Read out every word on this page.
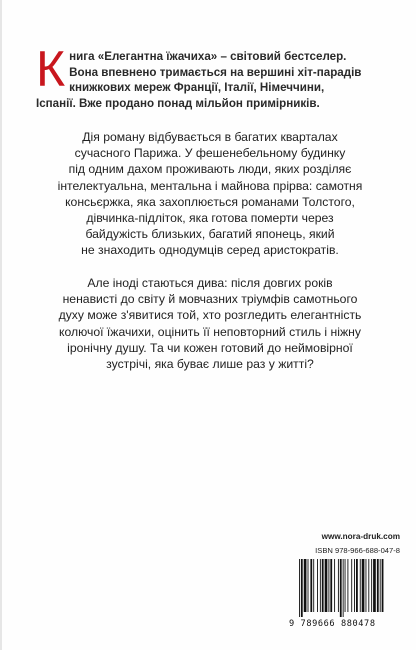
К нига «Елегантна їжачиха» – світовий бестселер.
Вона впевнено тримається на вершині хіт-парадів
книжкових мереж Франції, Італії, Німеччини,
Іспанії. Вже продано понад мільйон примірників.
Дія роману відбувається в багатих кварталах
сучасного Парижа. У фешенебельному будинку
під одним дахом проживають люди, яких розділяє
інтелектуальна, ментальна і майнова прірва: самотня
консьєржка, яка захоплюється романами Толстого,
дівчинка-підліток, яка готова померти через
байдужість близьких, багатий японець, який
не знаходить однодумців серед аристократів.
Але іноді стаються дива: після довгих років
ненависті до світу й мовчазних тріумфів самотнього
духу може з'явитися той, хто розгледить елегантність
колючої їжачихи, оцінить її неповторний стиль і ніжну
іронічну душу. Та чи кожен готовий до неймовірної
зустрічі, яка буває лише раз у житті?
www.nora-druk.com
ISBN 978-966-688-047-8
9 789666 880478
